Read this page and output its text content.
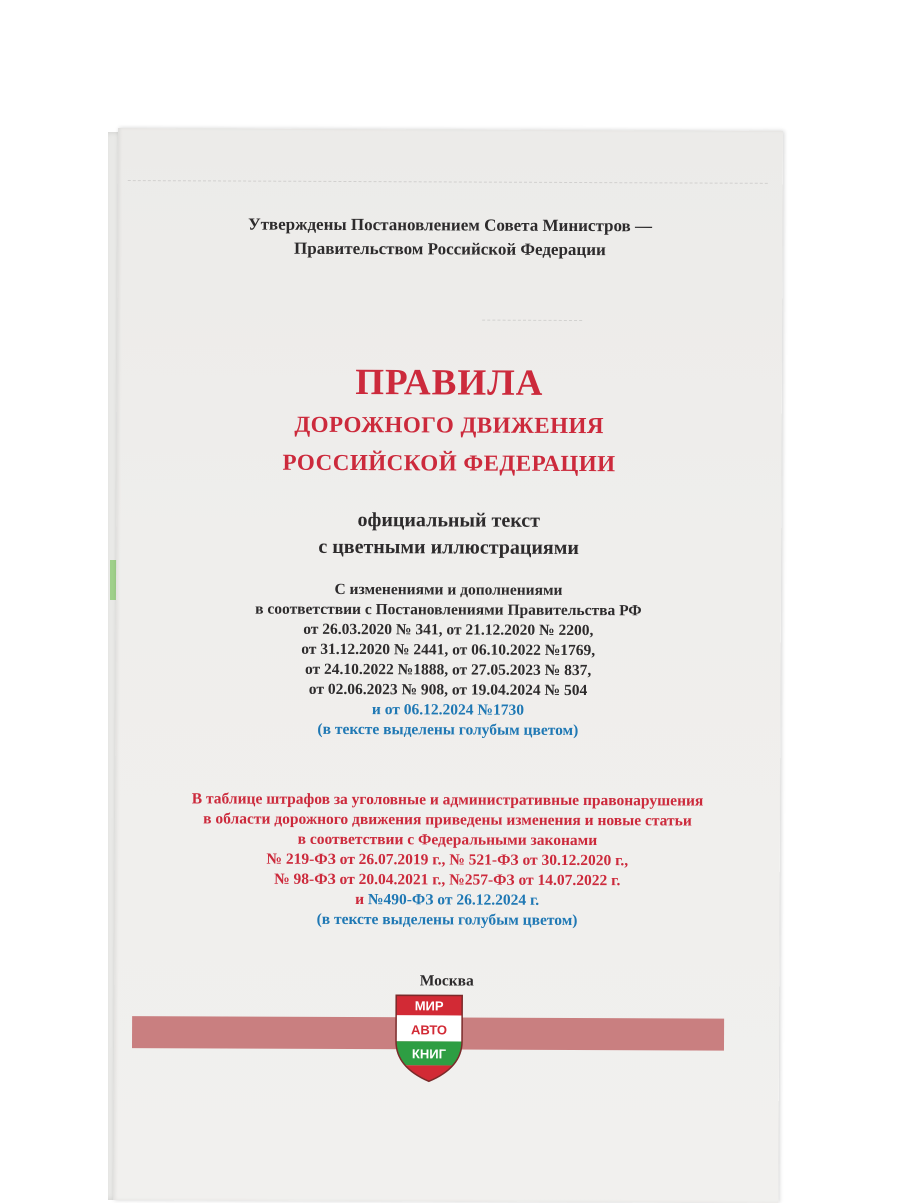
Утверждены Постановлением Совета Министров —
Правительством Российской Федерации
ПРАВИЛА
ДОРОЖНОГО ДВИЖЕНИЯ
РОССИЙСКОЙ ФЕДЕРАЦИИ
официальный текст
с цветными иллюстрациями
С изменениями и дополнениями
в соответствии с Постановлениями Правительства РФ
от 26.03.2020 № 341, от 21.12.2020 № 2200,
от 31.12.2020 № 2441, от 06.10.2022 №1769,
от 24.10.2022 №1888, от 27.05.2023 № 837,
от 02.06.2023 № 908, от 19.04.2024 № 504
и от 06.12.2024 №1730
(в тексте выделены голубым цветом)
В таблице штрафов за уголовные и административные правонарушения
в области дорожного движения приведены изменения и новые статьи
в соответствии с Федеральными законами
№ 219-ФЗ от 26.07.2019 г., № 521-ФЗ от 30.12.2020 г.,
№ 98-ФЗ от 20.04.2021 г., №257-ФЗ от 14.07.2022 г.
и №490-ФЗ от 26.12.2024 г.
(в тексте выделены голубым цветом)
Москва
МИР
АВТО
КНИГ
